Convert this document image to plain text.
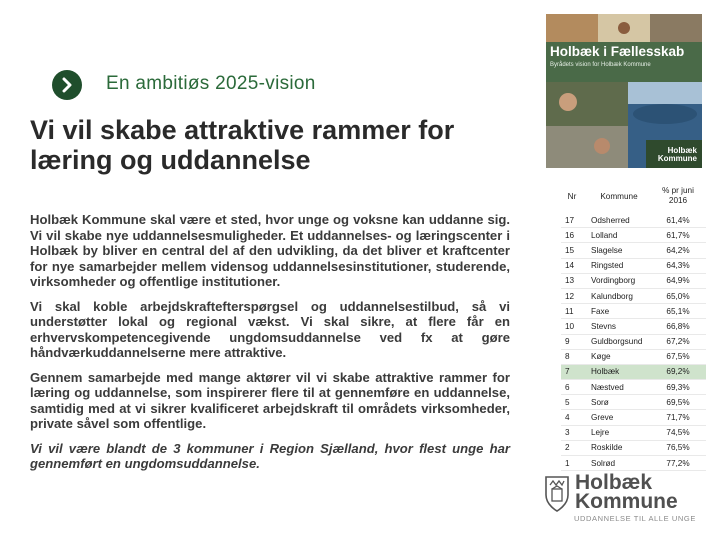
En ambitiøs 2025-vision
Vi vil skabe attraktive rammer for læring og uddannelse

Holbæk Kommune skal være et sted, hvor unge og voksne kan uddanne sig. Vi vil skabe nye uddannelsesmuligheder. Et uddannelses- og læringscenter i Holbæk by bliver en central del af den udvikling, da det bliver et kraftcenter for nye samarbejder mellem vidensog uddannelsesinstitutioner, studerende, virksomheder og offentlige institutioner.

Vi skal koble arbejdskraftefterspørgsel og uddannelsestilbud, så vi understøtter lokal og regional vækst. Vi skal sikre, at flere får en erhvervskompetencegivende ungdomsuddannelse ved fx at gøre håndværkuddannelserne mere attraktive.

Gennem samarbejde med mange aktører vil vi skabe attraktive rammer for læring og uddannelse, som inspirerer flere til at gennemføre en uddannelse, samtidig med at vi sikrer kvalificeret arbejdskraft til områdets virksomheder, private såvel som offentlige.

Vi vil være blandt de 3 kommuner i Region Sjælland, hvor flest unge har gennemført en ungdomsuddannelse.

Holbæk i Fællesskab
Byrådets vision for Holbæk Kommune
Holbæk
Kommune
Nr	Kommune
% pr juni 2016
17	Odsherred	61,4%
16	Lolland	61,7%
15	Slagelse	64,2%
14	Ringsted	64,3%
13	Vordingborg	64,9%
12	Kalundborg	65,0%
11	Faxe	65,1%
10	Stevns	66,8%
9	Guldborgsund	67,2%
8	Køge	67,5%
7	Holbæk	69,2%
6	Næstved	69,3%
5	Sorø	69,5%
4	Greve	71,7%
3	Lejre	74,5%
2	Roskilde	76,5%
1	Solrød	77,2%
Holbæk
Kommune
UDDANNELSE TIL ALLE UNGE
